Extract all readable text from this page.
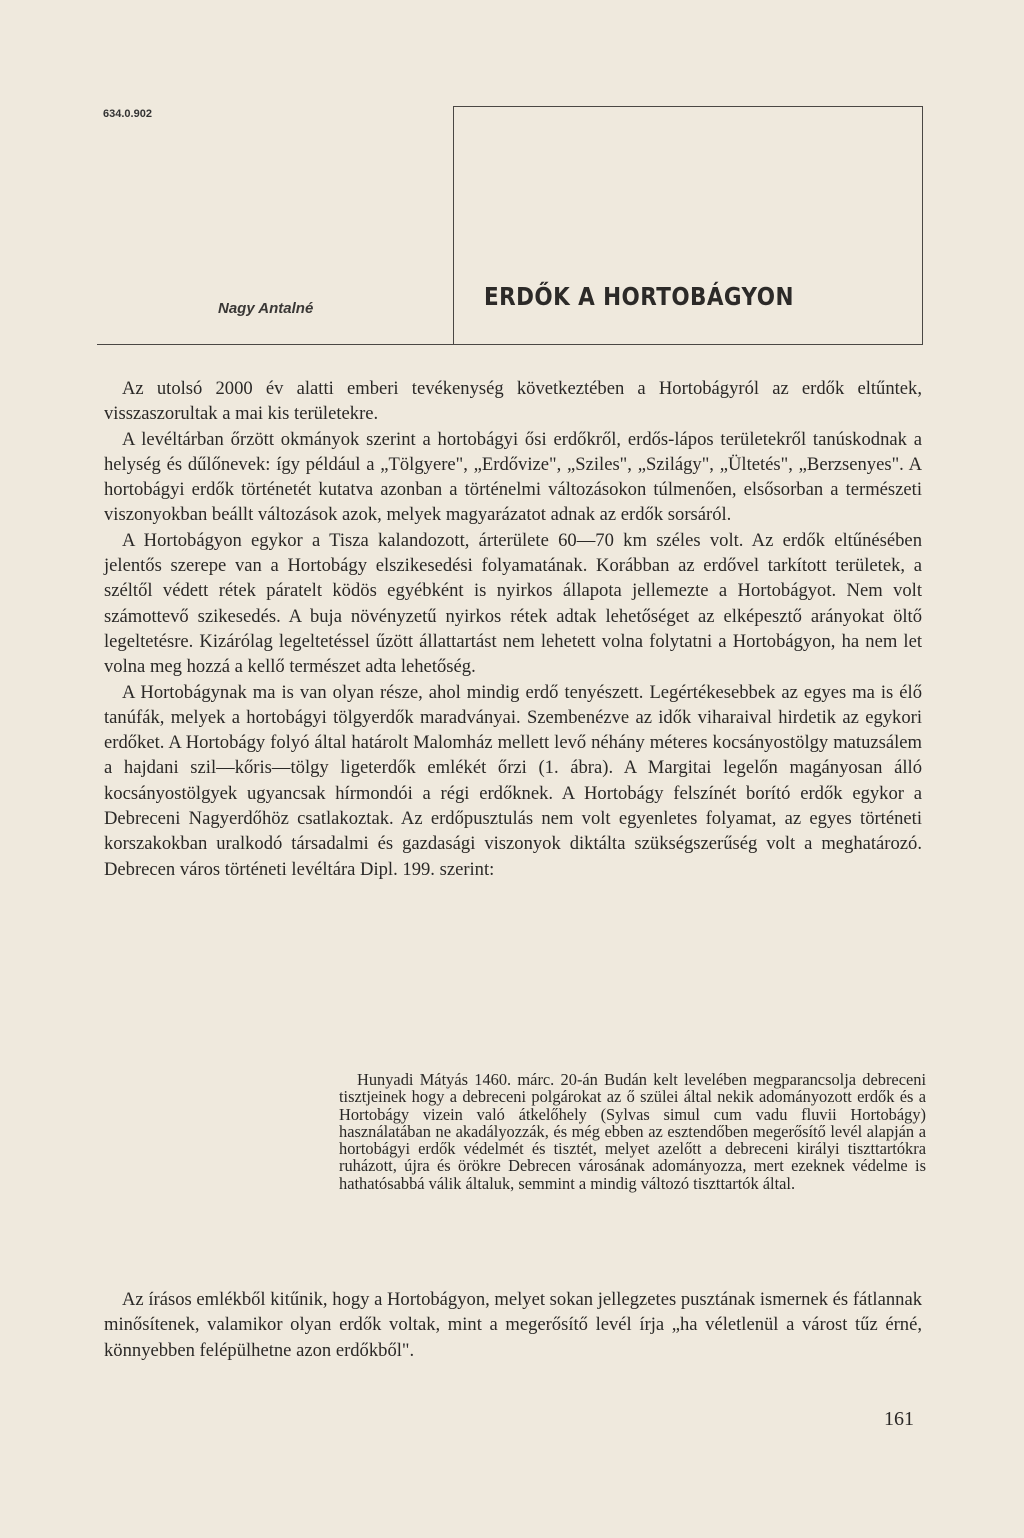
634.0.902
Nagy Antalné	ERDŐK A HORTOBÁGYON

Az utolsó 2000 év alatti emberi tevékenység következtében a Hortobágyról az erdők eltűntek, visszaszorultak a mai kis területekre.

A levéltárban őrzött okmányok szerint a hortobágyi ősi erdőkről, erdős-lápos területekről tanúskodnak a helység és dűlőnevek: így például a „Tölgyere", „Erdővize", „Szilеs", „Szilágy", „Ültetés", „Berzsenyes". A hortobágyi erdők történetét kutatva azonban a történelmi változásokon túlmenően, elsősorban a természeti viszonyokban beállt változások azok, melyek magyarázatot adnak az erdők sorsáról.

A Hortobágyon egykor a Tisza kalandozott, árterülete 60—70 km széles volt. Az erdők eltűnésében jelentős szerepe van a Hortobágy elszikesedési folyamatának. Korábban az erdővel tarkított területek, a széltől védett rétek páratelt ködös egyébként is nyirkos állapota jellemezte a Hortobágyot. Nem volt számottevő szikesedés. A buja növényzetű nyirkos rétek adtak lehetőséget az elképesztő arányokat öltő legeltetésre. Kizárólag legeltetéssel űzött állattartást nem lehetett volna folytatni a Hortobágyon, ha nem let volna meg hozzá a kellő természet adta lehetőség.

A Hortobágynak ma is van olyan része, ahol mindig erdő tenyészett. Legértékesebbek az egyes ma is élő tanúfák, melyek a hortobágyi tölgyerdők maradványai. Szembenézve az idők viharaival hirdetik az egykori erdőket. A Hortobágy folyó által határolt Malomház mellett levő néhány méteres kocsányostölgy matuzsálem a hajdani szil—kőris—tölgy ligeterdők emlékét őrzi (1. ábra). A Margitai legelőn magányosan álló kocsányostölgyek ugyancsak hírmondói a régi erdőknek. A Hortobágy felszínét borító erdők egykor a Debreceni Nagyerdőhöz csatlakoztak. Az erdőpusztulás nem volt egyenletes folyamat, az egyes történeti korszakokban uralkodó társadalmi és gazdasági viszonyok diktálta szükségszerűség volt a meghatározó. Debrecen város történeti levéltára Dipl. 199. szerint:

Hunyadi Mátyás 1460. márc. 20-án Budán kelt levelében megparancsolja debreceni tisztjeinek hogy a debreceni polgárokat az ő szülei által nekik adományozott erdők és a Hortobágy vizein való átkelőhely (Sylvas simul cum vadu fluvii Hortobágy) használatában ne akadályozzák, és még ebben az esztendőben megerősítő levél alapján a hortobágyi erdők védelmét és tisztét, melyet azelőtt a debreceni királyi tiszttartókra ruházott, újra és örökre Debrecen városának adományozza, mert ezeknek védelme is hathatósabbá válik általuk, semmint a mindig változó tiszttartók által.

Az írásos emlékből kitűnik, hogy a Hortobágyon, melyet sokan jellegzetes pusztának ismernek és fátlannak minősítenek, valamikor olyan erdők voltak, mint a megerősítő levél írja „ha véletlenül a várost tűz érné, könnyebben felépülhetne azon erdőkből".

161
